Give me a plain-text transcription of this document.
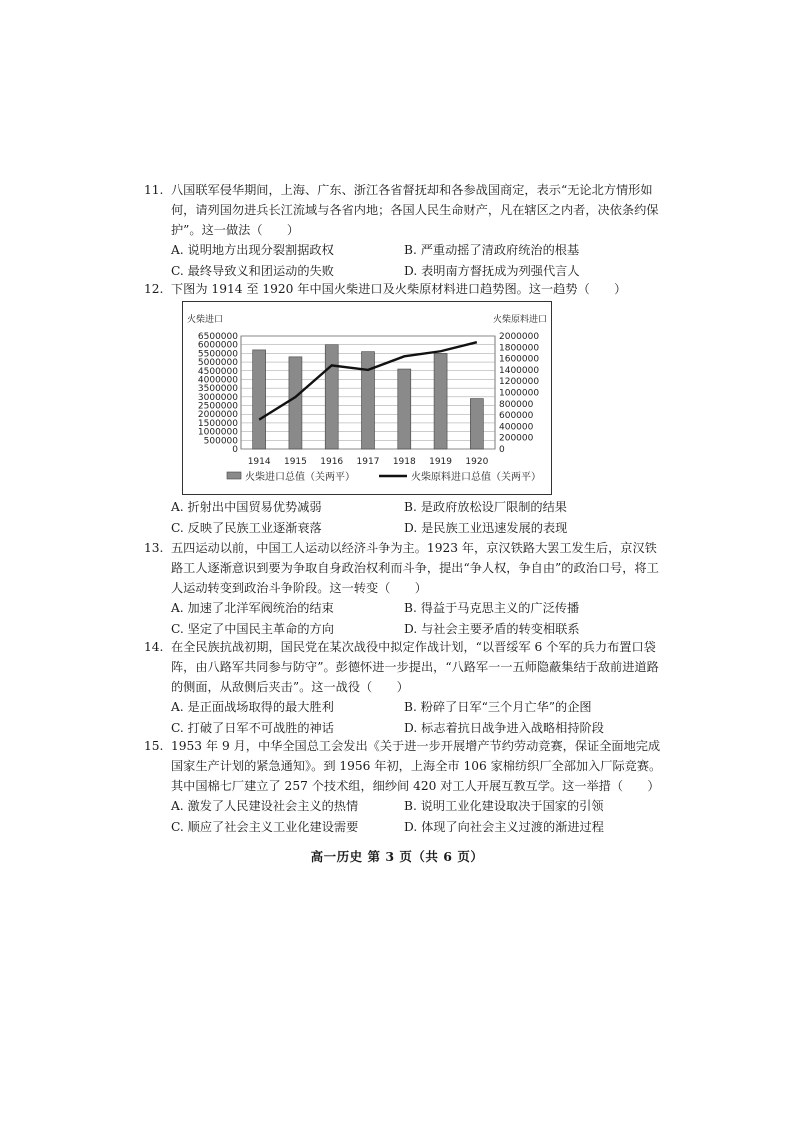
11. 八国联军侵华期间，上海、广东、浙江各省督抚却和各参战国商定，表示“无论北方情形如何，请列国勿进兵长江流域与各省内地；各国人民生命财产，凡在辖区之内者，决依条约保护”。这一做法（　　）
A. 说明地方出现分裂割据政权	B. 严重动摇了清政府统治的根基
C. 最终导致义和团运动的失败	D. 表明南方督抚成为列强代言人
12. 下图为 1914 至 1920 年中国火柴进口及火柴原材料进口趋势图。这一趋势（　　）
火柴进口	火柴原料进口
6500000
6000000
5500000
5000000
4500000
4000000
3500000
3000000
2500000
2000000
1500000
1000000
500000
0
2000000
1800000
1600000
1400000
1200000
1000000
800000
600000
400000
200000
0
1914 1915 1916 1917 1918 1919 1920
火柴进口总值（关两平）	火柴原料进口总值（关两平）
A. 折射出中国贸易优势减弱	B. 是政府放松设厂限制的结果
C. 反映了民族工业逐渐衰落	D. 是民族工业迅速发展的表现
13. 五四运动以前，中国工人运动以经济斗争为主。1923 年，京汉铁路大罢工发生后，京汉铁路工人逐渐意识到要为争取自身政治权利而斗争，提出“争人权，争自由”的政治口号，将工人运动转变到政治斗争阶段。这一转变（　　）
A. 加速了北洋军阀统治的结束	B. 得益于马克思主义的广泛传播
C. 坚定了中国民主革命的方向	D. 与社会主要矛盾的转变相联系
14. 在全民族抗战初期，国民党在某次战役中拟定作战计划，“以晋绥军 6 个军的兵力布置口袋阵，由八路军共同参与防守”。彭德怀进一步提出，“八路军一一五师隐蔽集结于敌前进道路的侧面，从敌侧后夹击”。这一战役（　　）
A. 是正面战场取得的最大胜利	B. 粉碎了日军“三个月亡华”的企图
C. 打破了日军不可战胜的神话	D. 标志着抗日战争进入战略相持阶段
15. 1953 年 9 月，中华全国总工会发出《关于进一步开展增产节约劳动竞赛，保证全面地完成国家生产计划的紧急通知》。到 1956 年初，上海全市 106 家棉纺织厂全部加入厂际竞赛。其中国棉七厂建立了 257 个技术组，细纱间 420 对工人开展互教互学。这一举措（　　）
A. 激发了人民建设社会主义的热情	B. 说明工业化建设取决于国家的引领
C. 顺应了社会主义工业化建设需要	D. 体现了向社会主义过渡的渐进过程
高一历史 第 3 页（共 6 页）
